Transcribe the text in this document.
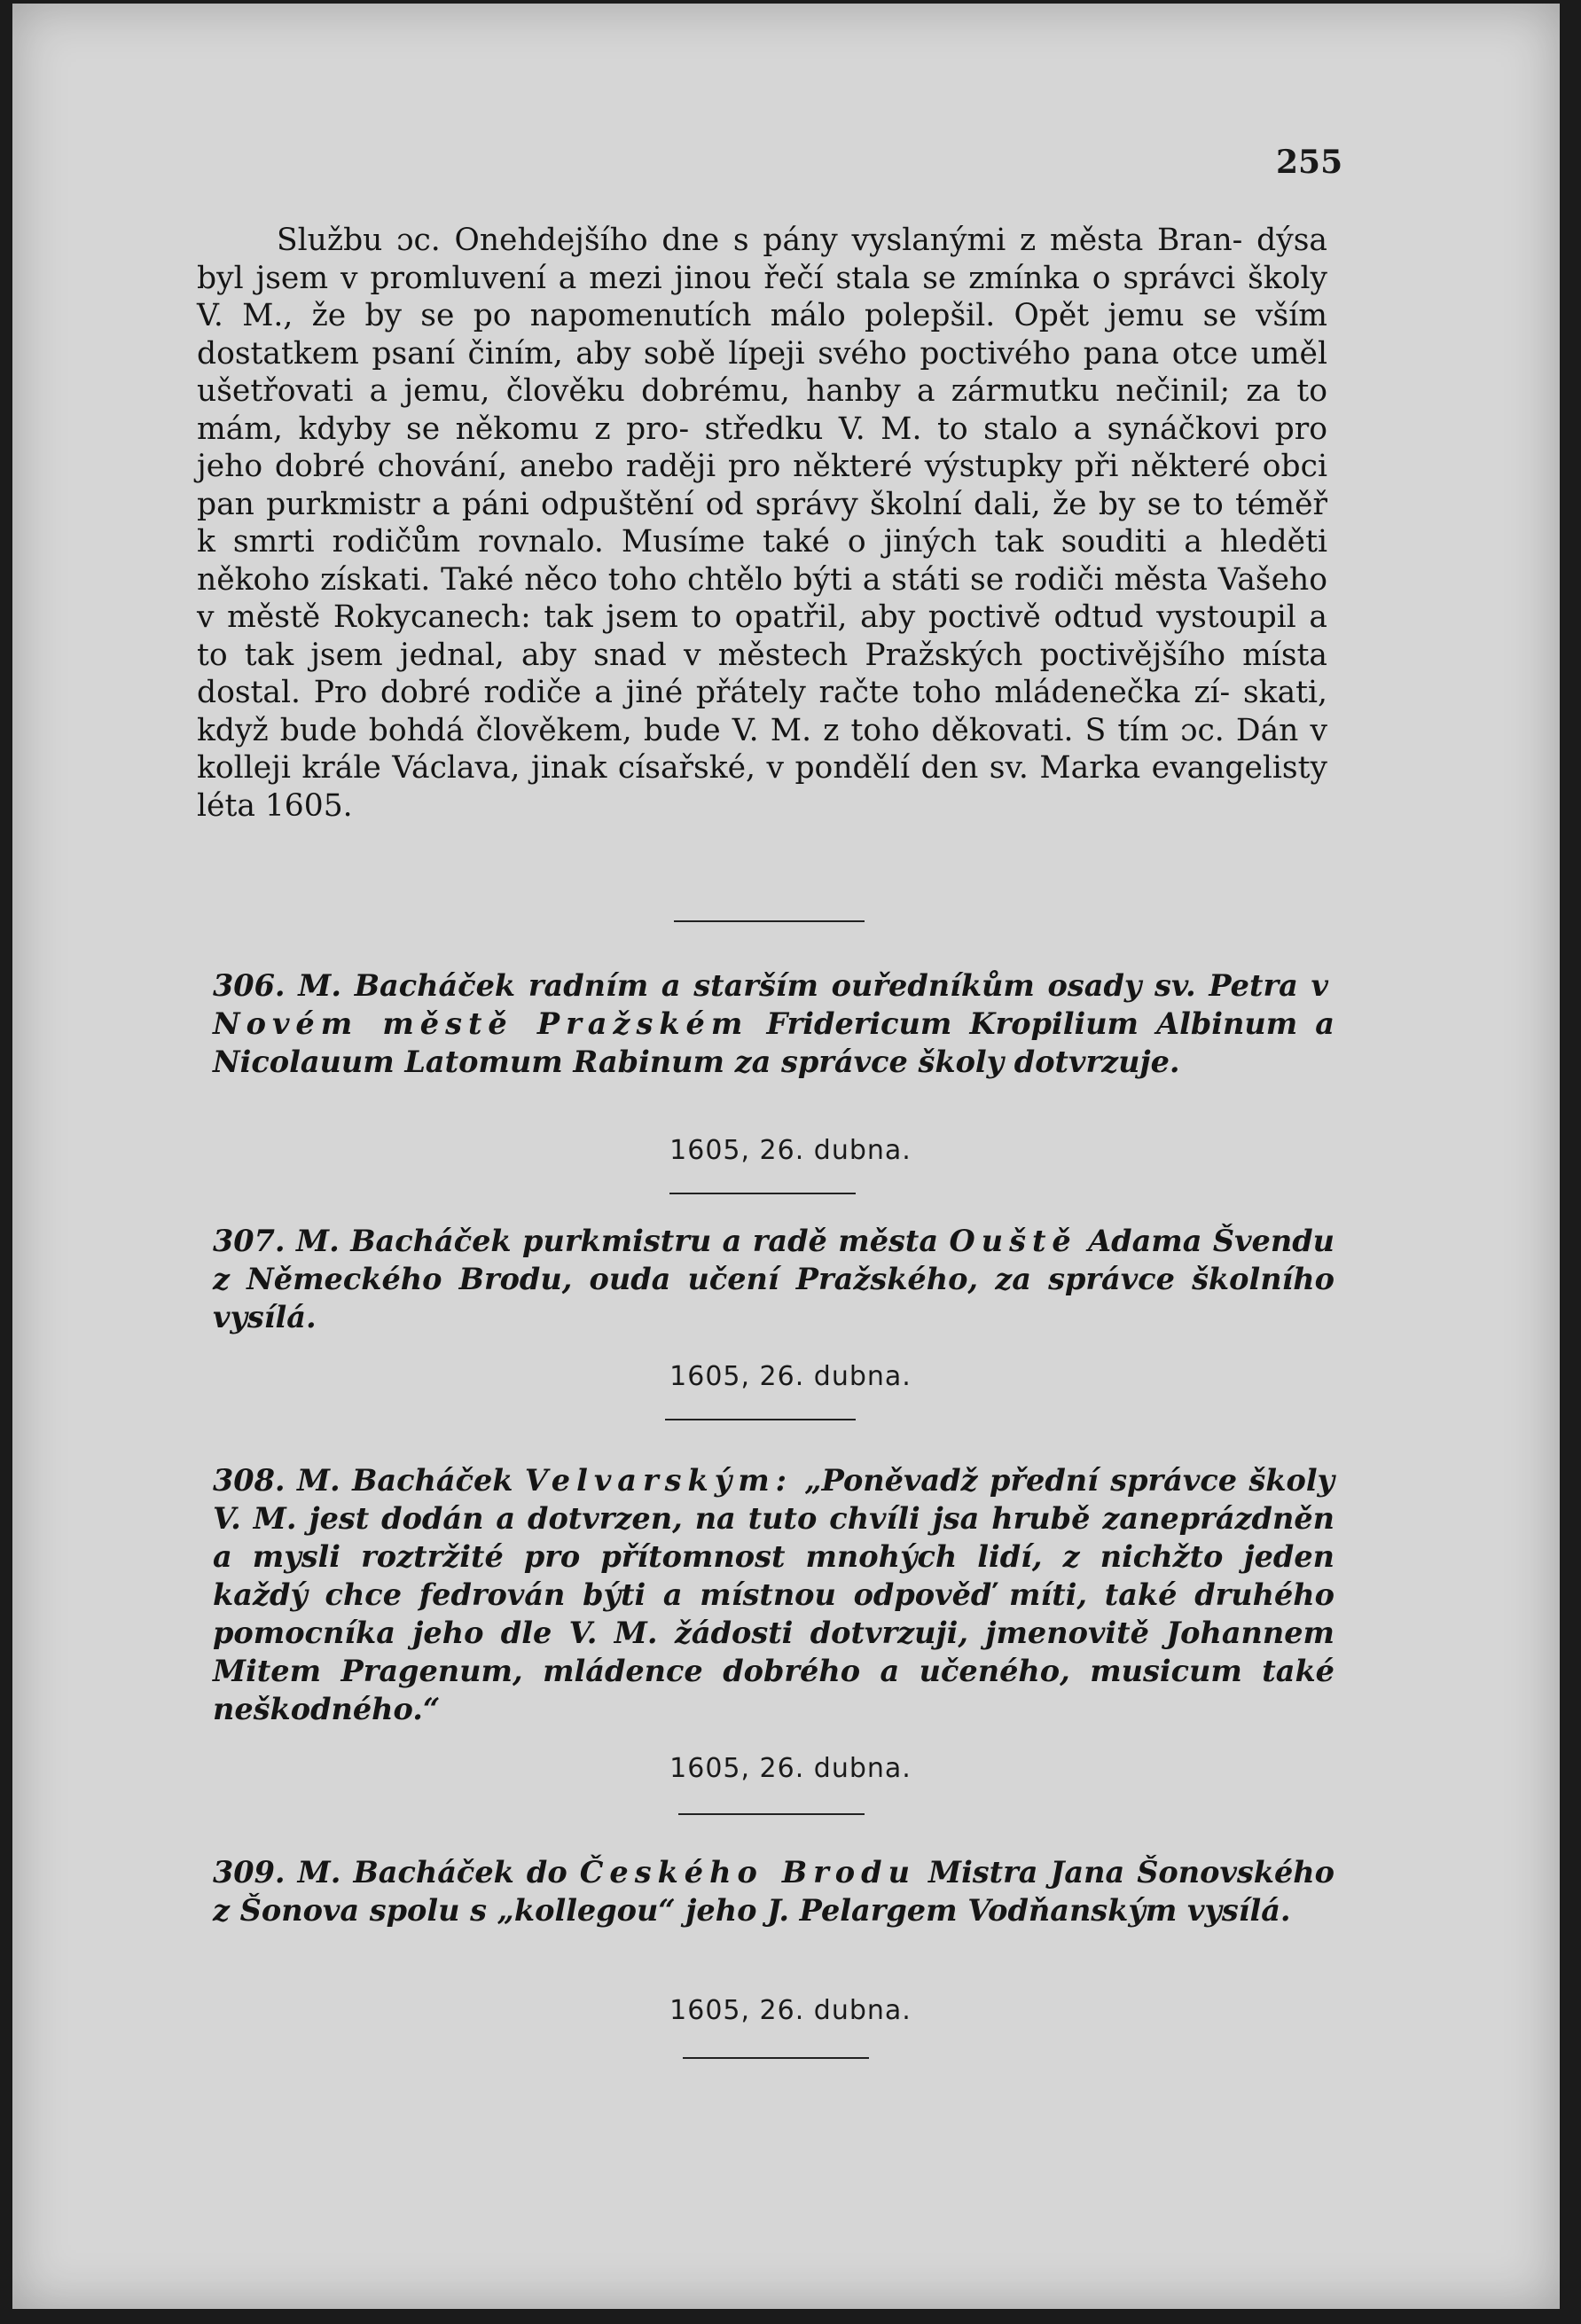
255

Službu ɔc. Onehdejšího dne s pány vyslanými z města Bran- dýsa byl jsem v promluvení a mezi jinou řečí stala se zmínka o správci školy V. M., že by se po napomenutích málo polepšil. Opět jemu se vším dostatkem psaní činím, aby sobě lípeji svého poctivého pana otce uměl ušetřovati a jemu, člověku dobrému, hanby a zármutku nečinil; za to mám, kdyby se někomu z pro- středku V. M. to stalo a synáčkovi pro jeho dobré chování, anebo raději pro některé výstupky při některé obci pan purkmistr a páni odpuštění od správy školní dali, že by se to téměř k smrti rodičům rovnalo. Musíme také o jiných tak souditi a hleděti někoho získati. Také něco toho chtělo býti a státi se rodiči města Vašeho v městě Rokycanech: tak jsem to opatřil, aby poctivě odtud vystoupil a to tak jsem jednal, aby snad v městech Pražských poctivějšího místa dostal. Pro dobré rodiče a jiné přátely račte toho mládenečka zí- skati, když bude bohdá člověkem, bude V. M. z toho děkovati. S tím ɔc. Dán v kolleji krále Václava, jinak císařské, v pondělí den sv. Marka evangelisty léta 1605.

306. M. Bacháček radním a starším ouředníkům osady sv. Petra v Novém městě Pražském Fridericum Kropilium Albinum a Nicolauum Latomum Rabinum za správce školy dotvrzuje.

1605, 26. dubna.

307. M. Bacháček purkmistru a radě města Ouště Adama Švendu z Německého Brodu, ouda učení Pražského, za správce školního vysílá.

1605, 26. dubna.

308. M. Bacháček Velvarským: „Poněvadž přední správce školy V. M. jest dodán a dotvrzen, na tuto chvíli jsa hrubě zaneprázdněn a mysli roztržité pro přítomnost mnohých lidí, z nichžto jeden každý chce fedrován býti a místnou odpověď míti, také druhého pomocníka jeho dle V. M. žádosti dotvrzuji, jmenovitě Johannem Mitem Pragenum, mládence dobrého a učeného, musicum také neškodného.“

1605, 26. dubna.

309. M. Bacháček do Českého Brodu Mistra Jana Šonovského z Šonova spolu s „kollegou“ jeho J. Pelargem Vodňanským vysílá.

1605, 26. dubna.
